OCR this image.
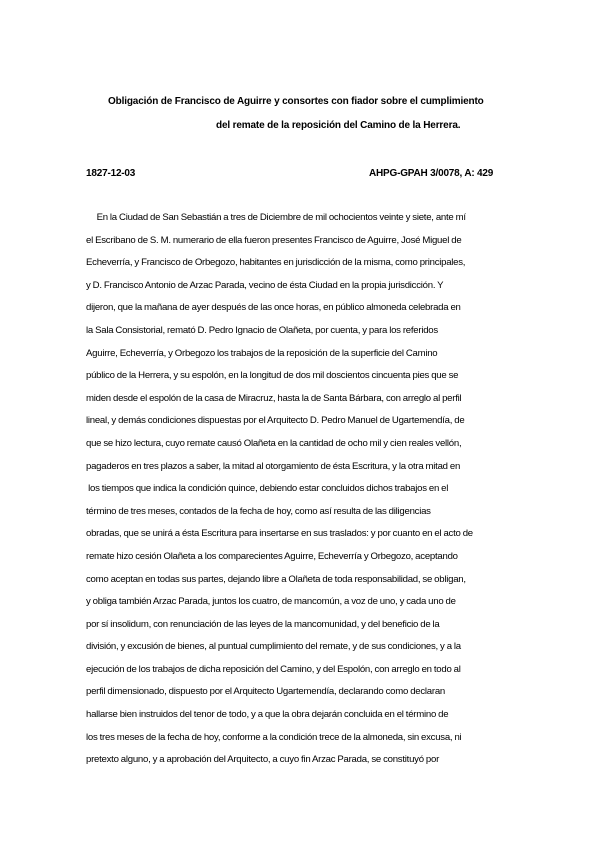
Obligación de Francisco de Aguirre y consortes con fiador sobre el cumplimiento
del remate de la reposición del Camino de la Herrera.
1827-12-03	AHPG-GPAH 3/0078, A: 429
En la Ciudad de San Sebastián a tres de Diciembre de mil ochocientos veinte y siete, ante mí
el Escribano de S. M. numerario de ella fueron presentes Francisco de Aguirre, José Miguel de
Echeverría, y Francisco de Orbegozo, habitantes en jurisdicción de la misma, como principales,
y D. Francisco Antonio de Arzac Parada, vecino de ésta Ciudad en la propia jurisdicción. Y
dijeron, que la mañana de ayer después de las once horas, en público almoneda celebrada en
la Sala Consistorial, remató D. Pedro Ignacio de Olañeta, por cuenta, y para los referidos
Aguirre, Echeverría, y Orbegozo los trabajos de la reposición de la superficie del Camino
público de la Herrera, y su espolón, en la longitud de dos mil doscientos cincuenta pies que se
miden desde el espolón de la casa de Miracruz, hasta la de Santa Bárbara, con arreglo al perfil
lineal, y demás condiciones dispuestas por el Arquitecto D. Pedro Manuel de Ugartemendía, de
que se hizo lectura, cuyo remate causó Olañeta en la cantidad de ocho mil y cien reales vellón,
pagaderos en tres plazos a saber, la mitad al otorgamiento de ésta Escritura, y la otra mitad en
los tiempos que indica la condición quince, debiendo estar concluidos dichos trabajos en el
término de tres meses, contados de la fecha de hoy, como así resulta de las diligencias
obradas, que se unirá a ésta Escritura para insertarse en sus traslados: y por cuanto en el acto de
remate hizo cesión Olañeta a los comparecientes Aguirre, Echeverría y Orbegozo, aceptando
como aceptan en todas sus partes, dejando libre a Olañeta de toda responsabilidad, se obligan,
y obliga también Arzac Parada, juntos los cuatro, de mancomún, a voz de uno, y cada uno de
por sí insolidum, con renunciación de las leyes de la mancomunidad, y del beneficio de la
división, y excusión de bienes, al puntual cumplimiento del remate, y de sus condiciones, y a la
ejecución de los trabajos de dicha reposición del Camino, y del Espolón, con arreglo en todo al
perfil dimensionado, dispuesto por el Arquitecto Ugartemendía, declarando como declaran
hallarse bien instruidos del tenor de todo, y a que la obra dejarán concluida en el término de
los tres meses de la fecha de hoy, conforme a la condición trece de la almoneda, sin excusa, ni
pretexto alguno, y a aprobación del Arquitecto, a cuyo fin Arzac Parada, se constituyó por
